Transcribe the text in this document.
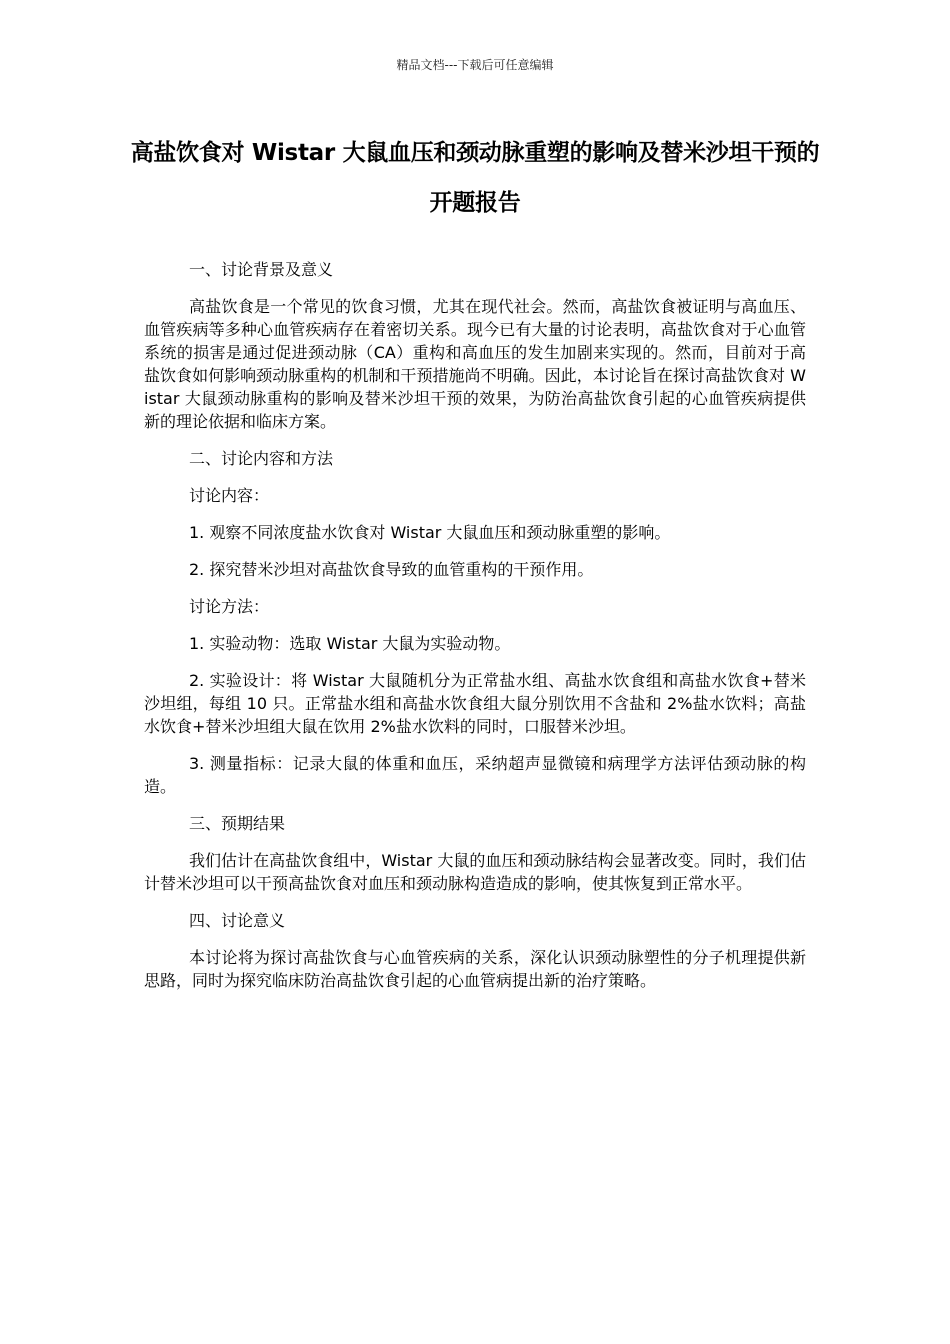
精品文档---下载后可任意编辑
高盐饮食对 Wistar 大鼠血压和颈动脉重塑的影响及替米沙坦干预的开题报告

一、讨论背景及意义

高盐饮食是一个常见的饮食习惯，尤其在现代社会。然而，高盐饮食被证明与高血压、血管疾病等多种心血管疾病存在着密切关系。现今已有大量的讨论表明，高盐饮食对于心血管系统的损害是通过促进颈动脉（CA）重构和高血压的发生加剧来实现的。然而，目前对于高盐饮食如何影响颈动脉重构的机制和干预措施尚不明确。因此，本讨论旨在探讨高盐饮食对 Wistar 大鼠颈动脉重构的影响及替米沙坦干预的效果，为防治高盐饮食引起的心血管疾病提供新的理论依据和临床方案。

二、讨论内容和方法

讨论内容：

1. 观察不同浓度盐水饮食对 Wistar 大鼠血压和颈动脉重塑的影响。

2. 探究替米沙坦对高盐饮食导致的血管重构的干预作用。

讨论方法：

1. 实验动物：选取 Wistar 大鼠为实验动物。

2. 实验设计：将 Wistar 大鼠随机分为正常盐水组、高盐水饮食组和高盐水饮食+替米沙坦组，每组 10 只。正常盐水组和高盐水饮食组大鼠分别饮用不含盐和 2%盐水饮料；高盐水饮食+替米沙坦组大鼠在饮用 2%盐水饮料的同时，口服替米沙坦。

3. 测量指标：记录大鼠的体重和血压，采纳超声显微镜和病理学方法评估颈动脉的构造。

三、预期结果

我们估计在高盐饮食组中，Wistar 大鼠的血压和颈动脉结构会显著改变。同时，我们估计替米沙坦可以干预高盐饮食对血压和颈动脉构造造成的影响，使其恢复到正常水平。

四、讨论意义

本讨论将为探讨高盐饮食与心血管疾病的关系，深化认识颈动脉塑性的分子机理提供新思路，同时为探究临床防治高盐饮食引起的心血管病提出新的治疗策略。
